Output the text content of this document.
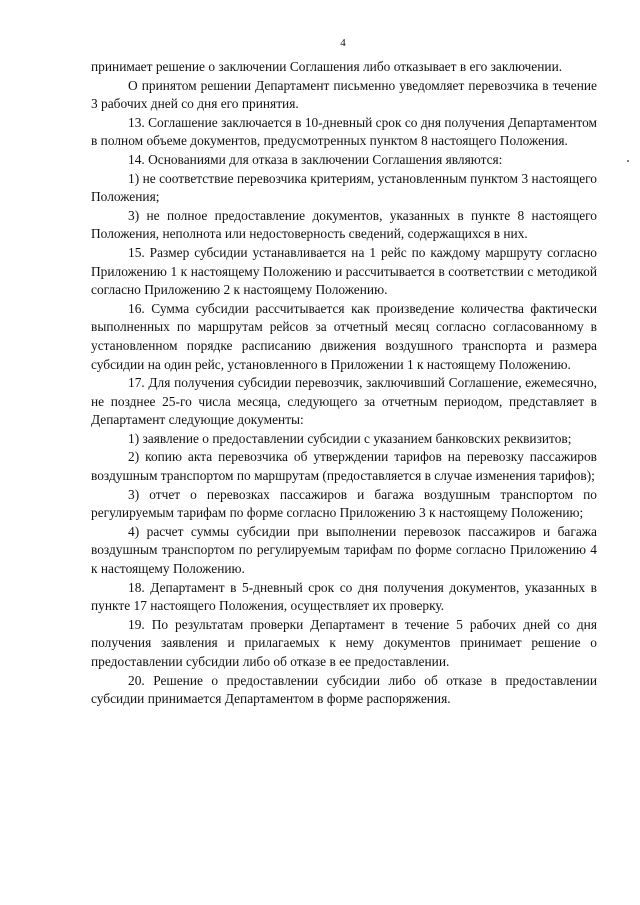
4

принимает решение о заключении Соглашения либо отказывает в его заключении.

О принятом решении Департамент письменно уведомляет перевозчика в течение 3 рабочих дней со дня его принятия.

13. Соглашение заключается в 10-дневный срок со дня получения Департаментом в полном объеме документов, предусмотренных пунктом 8 настоящего Положения.

14. Основаниями для отказа в заключении Соглашения являются:

1) не соответствие перевозчика критериям, установленным пунктом 3 настоящего Положения;

3) не полное предоставление документов, указанных в пункте 8 настоящего Положения, неполнота или недостоверность сведений, содержащихся в них.

15. Размер субсидии устанавливается на 1 рейс по каждому маршруту согласно Приложению 1 к настоящему Положению и рассчитывается в соответствии с методикой согласно Приложению 2 к настоящему Положению.

16. Сумма субсидии рассчитывается как произведение количества фактически выполненных по маршрутам рейсов за отчетный месяц согласно согласованному в установленном порядке расписанию движения воздушного транспорта и размера субсидии на один рейс, установленного в Приложении 1 к настоящему Положению.

17. Для получения субсидии перевозчик, заключивший Соглашение, ежемесячно, не позднее 25-го числа месяца, следующего за отчетным периодом, представляет в Департамент следующие документы:

1) заявление о предоставлении субсидии с указанием банковских реквизитов;

2) копию акта перевозчика об утверждении тарифов на перевозку пассажиров воздушным транспортом по маршрутам (предоставляется в случае изменения тарифов);

3) отчет о перевозках пассажиров и багажа воздушным транспортом по регулируемым тарифам по форме согласно Приложению 3 к настоящему Положению;

4) расчет суммы субсидии при выполнении перевозок пассажиров и багажа воздушным транспортом по регулируемым тарифам по форме согласно Приложению 4 к настоящему Положению.

18. Департамент в 5-дневный срок со дня получения документов, указанных в пункте 17 настоящего Положения, осуществляет их проверку.

19. По результатам проверки Департамент в течение 5 рабочих дней со дня получения заявления и прилагаемых к нему документов принимает решение о предоставлении субсидии либо об отказе в ее предоставлении.

20. Решение о предоставлении субсидии либо об отказе в предоставлении субсидии принимается Департаментом в форме распоряжения.
